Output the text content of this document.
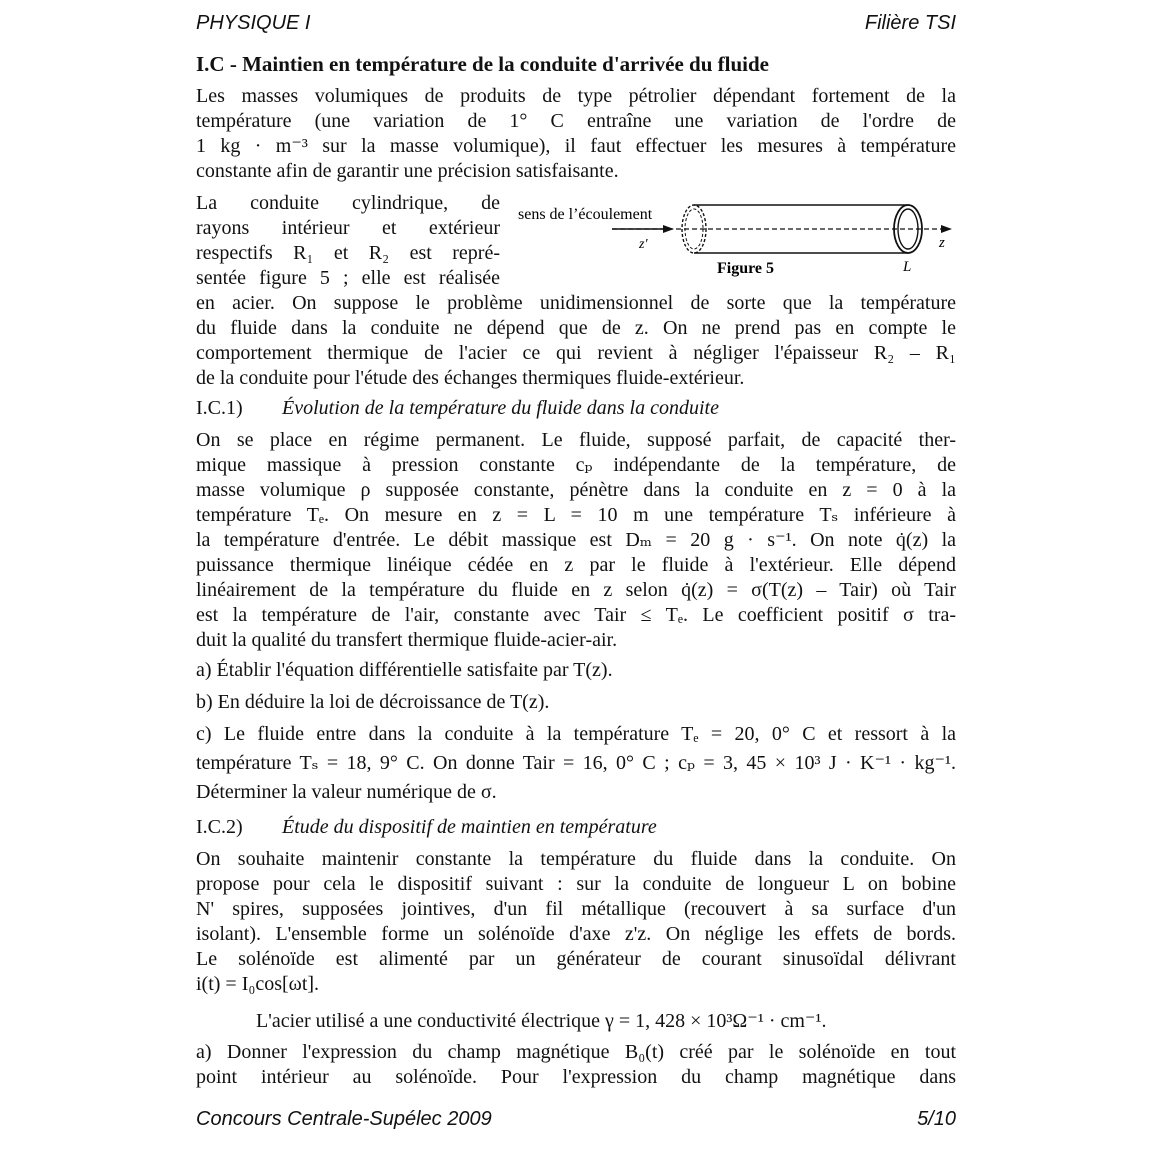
PHYSIQUE I	Filière TSI
I.C - Maintien en température de la conduite d'arrivée du fluide
Les masses volumiques de produits de type pétrolier dépendant fortement de la
température (une variation de 1° C entraîne une variation de l'ordre de
1 kg · m⁻³ sur la masse volumique), il faut effectuer les mesures à température
constante afin de garantir une précision satisfaisante.
La conduite cylindrique, de
rayons intérieur et extérieur
respectifs R₁ et R₂ est repré-
sentée figure 5 ; elle est réalisée
sens de l’écoulement
z'	z
Figure 5	L
en acier. On suppose le problème unidimensionnel de sorte que la température
du fluide dans la conduite ne dépend que de z. On ne prend pas en compte le
comportement thermique de l'acier ce qui revient à négliger l'épaisseur R₂ – R₁
de la conduite pour l'étude des échanges thermiques fluide-extérieur.
I.C.1) Évolution de la température du fluide dans la conduite
On se place en régime permanent. Le fluide, supposé parfait, de capacité ther-
mique massique à pression constante cₚ indépendante de la température, de
masse volumique ρ supposée constante, pénètre dans la conduite en z = 0 à la
température Tₑ. On mesure en z = L = 10 m une température Tₛ inférieure à
la température d'entrée. Le débit massique est Dₘ = 20 g · s⁻¹. On note q̇(z) la
puissance thermique linéique cédée en z par le fluide à l'extérieur. Elle dépend
linéairement de la température du fluide en z selon q̇(z) = σ(T(z) – Tair) où Tair
est la température de l'air, constante avec Tair ≤ Tₑ. Le coefficient positif σ tra-
duit la qualité du transfert thermique fluide-acier-air.
a) Établir l'équation différentielle satisfaite par T(z).
b) En déduire la loi de décroissance de T(z).
c) Le fluide entre dans la conduite à la température Tₑ = 20, 0° C et ressort à la
température Tₛ = 18, 9° C. On donne Tair = 16, 0° C ; cₚ = 3, 45 × 10³ J · K⁻¹ · kg⁻¹.
Déterminer la valeur numérique de σ.
I.C.2) Étude du dispositif de maintien en température
On souhaite maintenir constante la température du fluide dans la conduite. On
propose pour cela le dispositif suivant : sur la conduite de longueur L on bobine
N' spires, supposées jointives, d'un fil métallique (recouvert à sa surface d'un
isolant). L'ensemble forme un solénoïde d'axe z'z. On néglige les effets de bords.
Le solénoïde est alimenté par un générateur de courant sinusoïdal délivrant
i(t) = I₀cos[ωt].
L'acier utilisé a une conductivité électrique γ = 1, 428 × 10³Ω⁻¹ · cm⁻¹.
a) Donner l'expression du champ magnétique B₀(t) créé par le solénoïde en tout
point intérieur au solénoïde. Pour l'expression du champ magnétique dans
Concours Centrale-Supélec 2009	5/10
